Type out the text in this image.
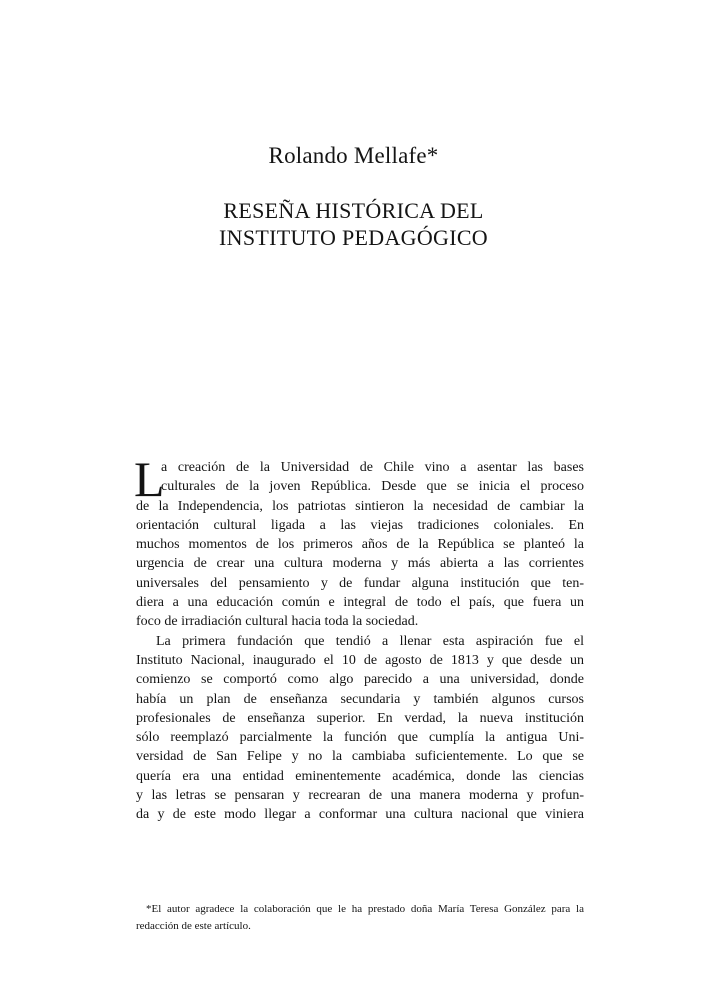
Rolando Mellafe*
RESEÑA HISTÓRICA DEL
INSTITUTO PEDAGÓGICO
L
a creación de la Universidad de Chile vino a asentar las bases
culturales de la joven República. Desde que se inicia el proceso
de la Independencia, los patriotas sintieron la necesidad de cambiar la
orientación cultural ligada a las viejas tradiciones coloniales. En
muchos momentos de los primeros años de la República se planteó la
urgencia de crear una cultura moderna y más abierta a las corrientes
universales del pensamiento y de fundar alguna institución que ten-
diera a una educación común e integral de todo el país, que fuera un
foco de irradiación cultural hacia toda la sociedad.
La primera fundación que tendió a llenar esta aspiración fue el
Instituto Nacional, inaugurado el 10 de agosto de 1813 y que desde un
comienzo se comportó como algo parecido a una universidad, donde
había un plan de enseñanza secundaria y también algunos cursos
profesionales de enseñanza superior. En verdad, la nueva institución
sólo reemplazó parcialmente la función que cumplía la antigua Uni-
versidad de San Felipe y no la cambiaba suficientemente. Lo que se
quería era una entidad eminentemente académica, donde las ciencias
y las letras se pensaran y recrearan de una manera moderna y profun-
da y de este modo llegar a conformar una cultura nacional que viniera
*El autor agradece la colaboración que le ha prestado doña María Teresa González para la
redacción de este artículo.
